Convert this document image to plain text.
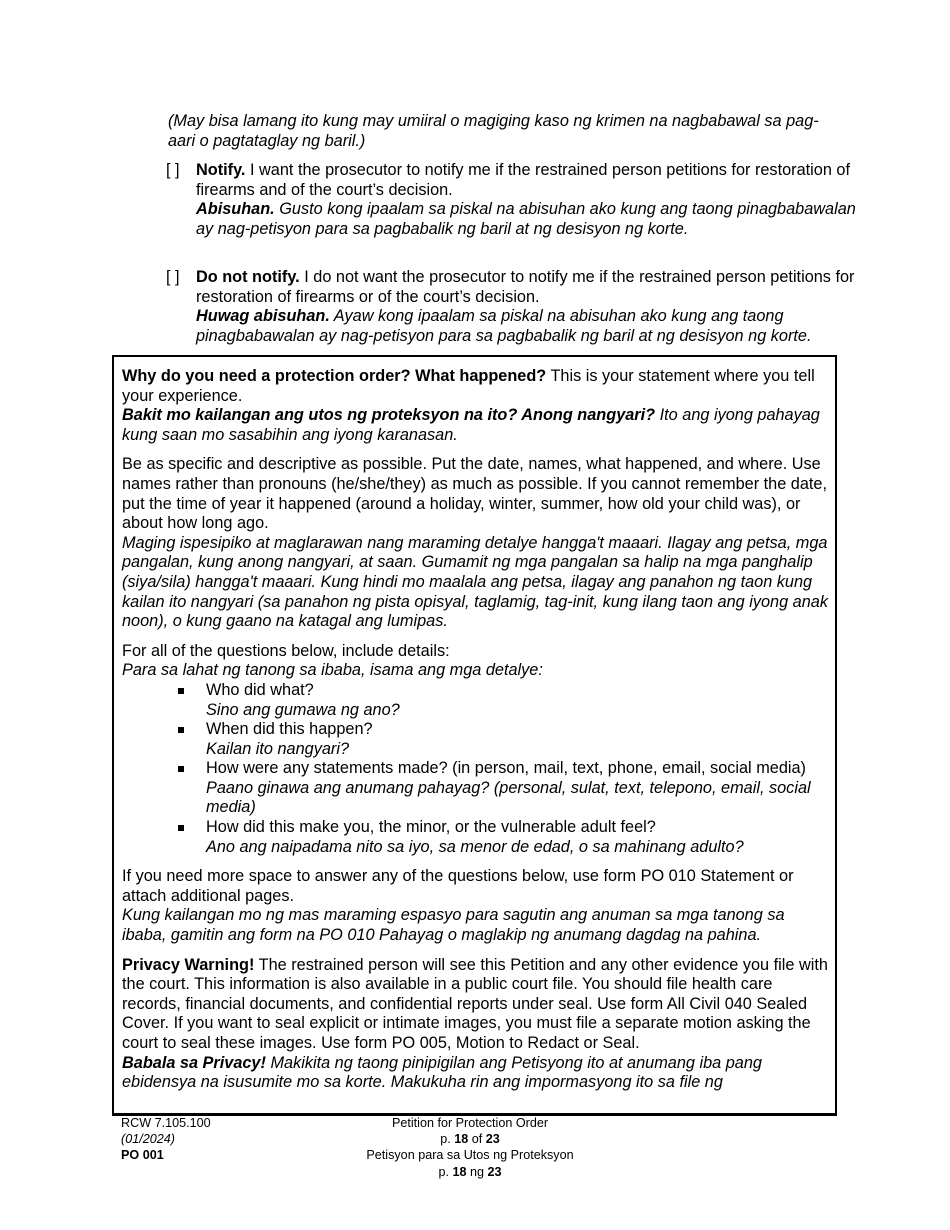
(May bisa lamang ito kung may umiiral o magiging kaso ng krimen na nagbabawal sa pag-aari o pagtataglay ng baril.)
[ ]	Notify. I want the prosecutor to notify me if the restrained person petitions for restoration of firearms and of the court’s decision.
Abisuhan. Gusto kong ipaalam sa piskal na abisuhan ako kung ang taong pinagbabawalan ay nag-petisyon para sa pagbabalik ng baril at ng desisyon ng korte.
[ ]	Do not notify. I do not want the prosecutor to notify me if the restrained person petitions for restoration of firearms or of the court’s decision.
Huwag abisuhan. Ayaw kong ipaalam sa piskal na abisuhan ako kung ang taong pinagbabawalan ay nag-petisyon para sa pagbabalik ng baril at ng desisyon ng korte.

Why do you need a protection order? What happened? This is your statement where you tell your experience.
Bakit mo kailangan ang utos ng proteksyon na ito? Anong nangyari? Ito ang iyong pahayag kung saan mo sasabihin ang iyong karanasan.

Be as specific and descriptive as possible. Put the date, names, what happened, and where. Use names rather than pronouns (he/she/they) as much as possible. If you cannot remember the date, put the time of year it happened (around a holiday, winter, summer, how old your child was), or about how long ago.
Maging ispesipiko at maglarawan nang maraming detalye hangga't maaari. Ilagay ang petsa, mga pangalan, kung anong nangyari, at saan. Gumamit ng mga pangalan sa halip na mga panghalip (siya/sila) hangga't maaari. Kung hindi mo maalala ang petsa, ilagay ang panahon ng taon kung kailan ito nangyari (sa panahon ng pista opisyal, taglamig, tag-init, kung ilang taon ang iyong anak noon), o kung gaano na katagal ang lumipas.

For all of the questions below, include details:
Para sa lahat ng tanong sa ibaba, isama ang mga detalye:

Who did what?
Sino ang gumawa ng ano?
When did this happen?
Kailan ito nangyari?
How were any statements made? (in person, mail, text, phone, email, social media)
Paano ginawa ang anumang pahayag? (personal, sulat, text, telepono, email, social media)
How did this make you, the minor, or the vulnerable adult feel?
Ano ang naipadama nito sa iyo, sa menor de edad, o sa mahinang adulto?

If you need more space to answer any of the questions below, use form PO 010 Statement or attach additional pages.
Kung kailangan mo ng mas maraming espasyo para sagutin ang anuman sa mga tanong sa ibaba, gamitin ang form na PO 010 Pahayag o maglakip ng anumang dagdag na pahina.

Privacy Warning! The restrained person will see this Petition and any other evidence you file with the court. This information is also available in a public court file. You should file health care records, financial documents, and confidential reports under seal. Use form All Civil 040 Sealed Cover. If you want to seal explicit or intimate images, you must file a separate motion asking the court to seal these images. Use form PO 005, Motion to Redact or Seal.
Babala sa Privacy! Makikita ng taong pinipigilan ang Petisyong ito at anumang iba pang ebidensya na isusumite mo sa korte. Makukuha rin ang impormasyong ito sa file ng

RCW 7.105.100
(01/2024)
PO 001
Petition for Protection Order
p. 18 of 23
Petisyon para sa Utos ng Proteksyon
p. 18 ng 23
